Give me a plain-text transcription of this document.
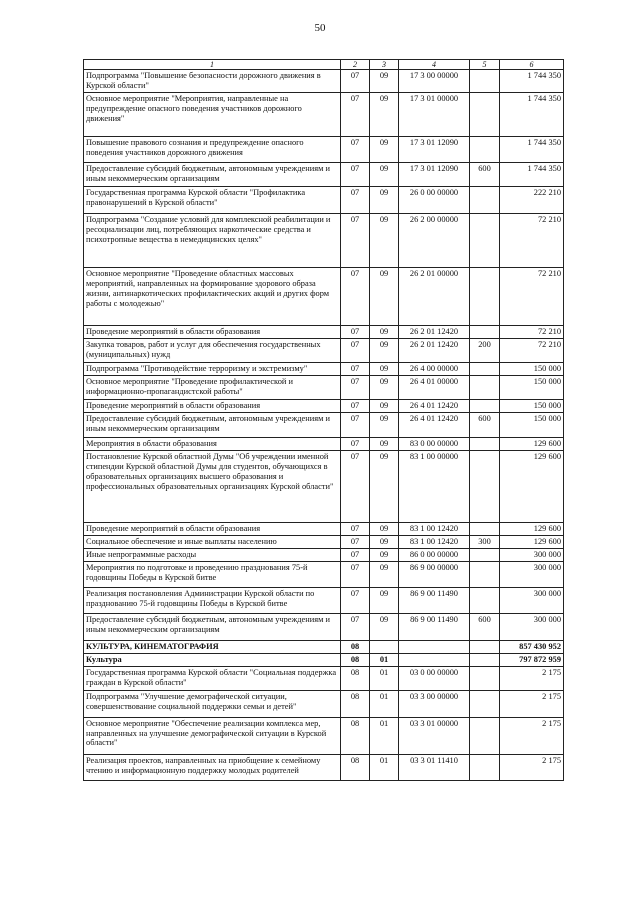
50
1	2	3	4	5	6
Подпрограмма "Повышение безопасности дорожного движения в Курской области"	07	09	17 3 00 00000		1 744 350
Основное мероприятие "Мероприятия, направленные на предупреждение опасного поведения участников дорожного движения"	07	09	17 3 01 00000		1 744 350
Повышение правового сознания и предупреждение опасного поведения участников дорожного движения	07	09	17 3 01 12090		1 744 350
Предоставление субсидий бюджетным, автономным учреждениям и иным некоммерческим организациям	07	09	17 3 01 12090	600	1 744 350
Государственная программа Курской области "Профилактика правонарушений в Курской области"	07	09	26 0 00 00000		222 210
Подпрограмма "Создание условий для комплексной реабилитации и ресоциализации лиц, потребляющих наркотические средства и психотропные вещества в немедицинских целях"	07	09	26 2 00 00000		72 210
Основное мероприятие "Проведение областных массовых мероприятий, направленных на формирование здорового образа жизни, антинаркотических профилактических акций и других форм работы с молодежью"	07	09	26 2 01 00000		72 210
Проведение мероприятий в области образования	07	09	26 2 01 12420		72 210
Закупка товаров, работ и услуг для обеспечения государственных (муниципальных) нужд	07	09	26 2 01 12420	200	72 210
Подпрограмма "Противодействие терроризму и экстремизму"	07	09	26 4 00 00000		150 000
Основное мероприятие "Проведение профилактической и информационно-пропагандистской работы"	07	09	26 4 01 00000		150 000
Проведение мероприятий в области образования	07	09	26 4 01 12420		150 000
Предоставление субсидий бюджетным, автономным учреждениям и иным некоммерческим организациям	07	09	26 4 01 12420	600	150 000
Мероприятия в области образования	07	09	83 0 00 00000		129 600
Постановление Курской областной Думы "Об учреждении именной стипендии Курской областной Думы для студентов, обучающихся в образовательных организациях высшего образования и профессиональных образовательных организациях Курской области"	07	09	83 1 00 00000		129 600
Проведение мероприятий в области образования	07	09	83 1 00 12420		129 600
Социальное обеспечение и иные выплаты населению	07	09	83 1 00 12420	300	129 600
Иные непрограммные расходы	07	09	86 0 00 00000		300 000
Мероприятия по подготовке и проведению празднования 75-й годовщины Победы в Курской битве	07	09	86 9 00 00000		300 000
Реализация постановления Администрации Курской области по празднованию 75-й годовщины Победы в Курской битве	07	09	86 9 00 11490		300 000
Предоставление субсидий бюджетным, автономным учреждениям и иным некоммерческим организациям	07	09	86 9 00 11490	600	300 000
КУЛЬТУРА, КИНЕМАТОГРАФИЯ	08				857 430 952
Культура	08	01			797 872 959
Государственная программа Курской области "Социальная поддержка граждан в Курской области"	08	01	03 0 00 00000		2 175
Подпрограмма "Улучшение демографической ситуации, совершенствование социальной поддержки семьи и детей"	08	01	03 3 00 00000		2 175
Основное мероприятие "Обеспечение реализации комплекса мер, направленных на улучшение демографической ситуации в Курской области"	08	01	03 3 01 00000		2 175
Реализация проектов, направленных на приобщение к семейному чтению и информационную поддержку молодых родителей	08	01	03 3 01 11410		2 175
